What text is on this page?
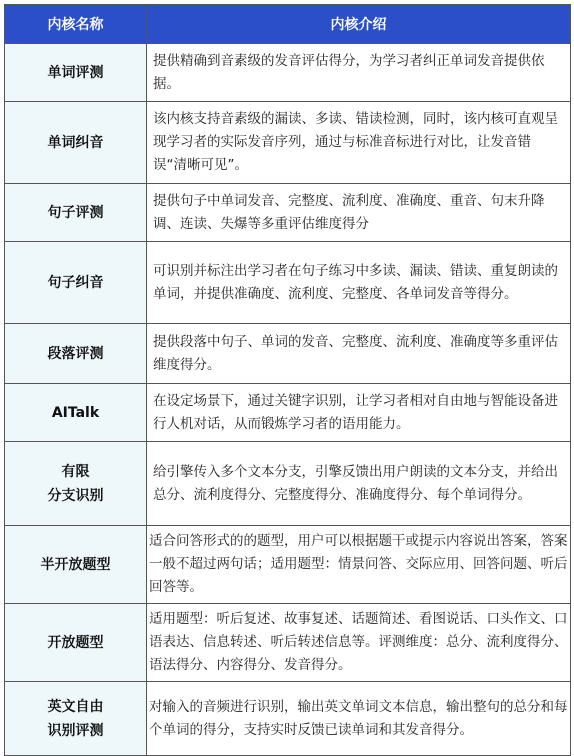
内核名称	内核介绍
单词评测	提供精确到音素级的发音评估得分，为学习者纠正单词发音提供依据。
单词纠音	该内核支持音素级的漏读、多读、错读检测，同时，该内核可直观呈现学习者的实际发音序列，通过与标准音标进行对比，让发音错误“清晰可见”。
句子评测	提供句子中单词发音、完整度、流利度、准确度、重音、句末升降调、连读、失爆等多重评估维度得分
句子纠音	可识别并标注出学习者在句子练习中多读、漏读、错读、重复朗读的单词，并提供准确度、流利度、完整度、各单词发音等得分。
段落评测	提供段落中句子、单词的发音、完整度、流利度、准确度等多重评估维度得分。
AITalk	在设定场景下，通过关键字识别，让学习者相对自由地与智能设备进行人机对话，从而锻炼学习者的语用能力。

有限
分支识别	给引擎传入多个文本分支，引擎反馈出用户朗读的文本分支，并给出总分、流利度得分、完整度得分、准确度得分、每个单词得分。
半开放题型	适合问答形式的的题型，用户可以根据题干或提示内容说出答案，答案一般不超过两句话；适用题型：情景问答、交际应用、回答问题、听后回答等。
开放题型	适用题型：听后复述、故事复述、话题简述、看图说话、口头作文、口语表达、信息转述、听后转述信息等。评测维度：总分、流利度得分、语法得分、内容得分、发音得分。

英文自由
识别评测	对输入的音频进行识别，输出英文单词文本信息，输出整句的总分和每个单词的得分，支持实时反馈已读单词和其发音得分。
